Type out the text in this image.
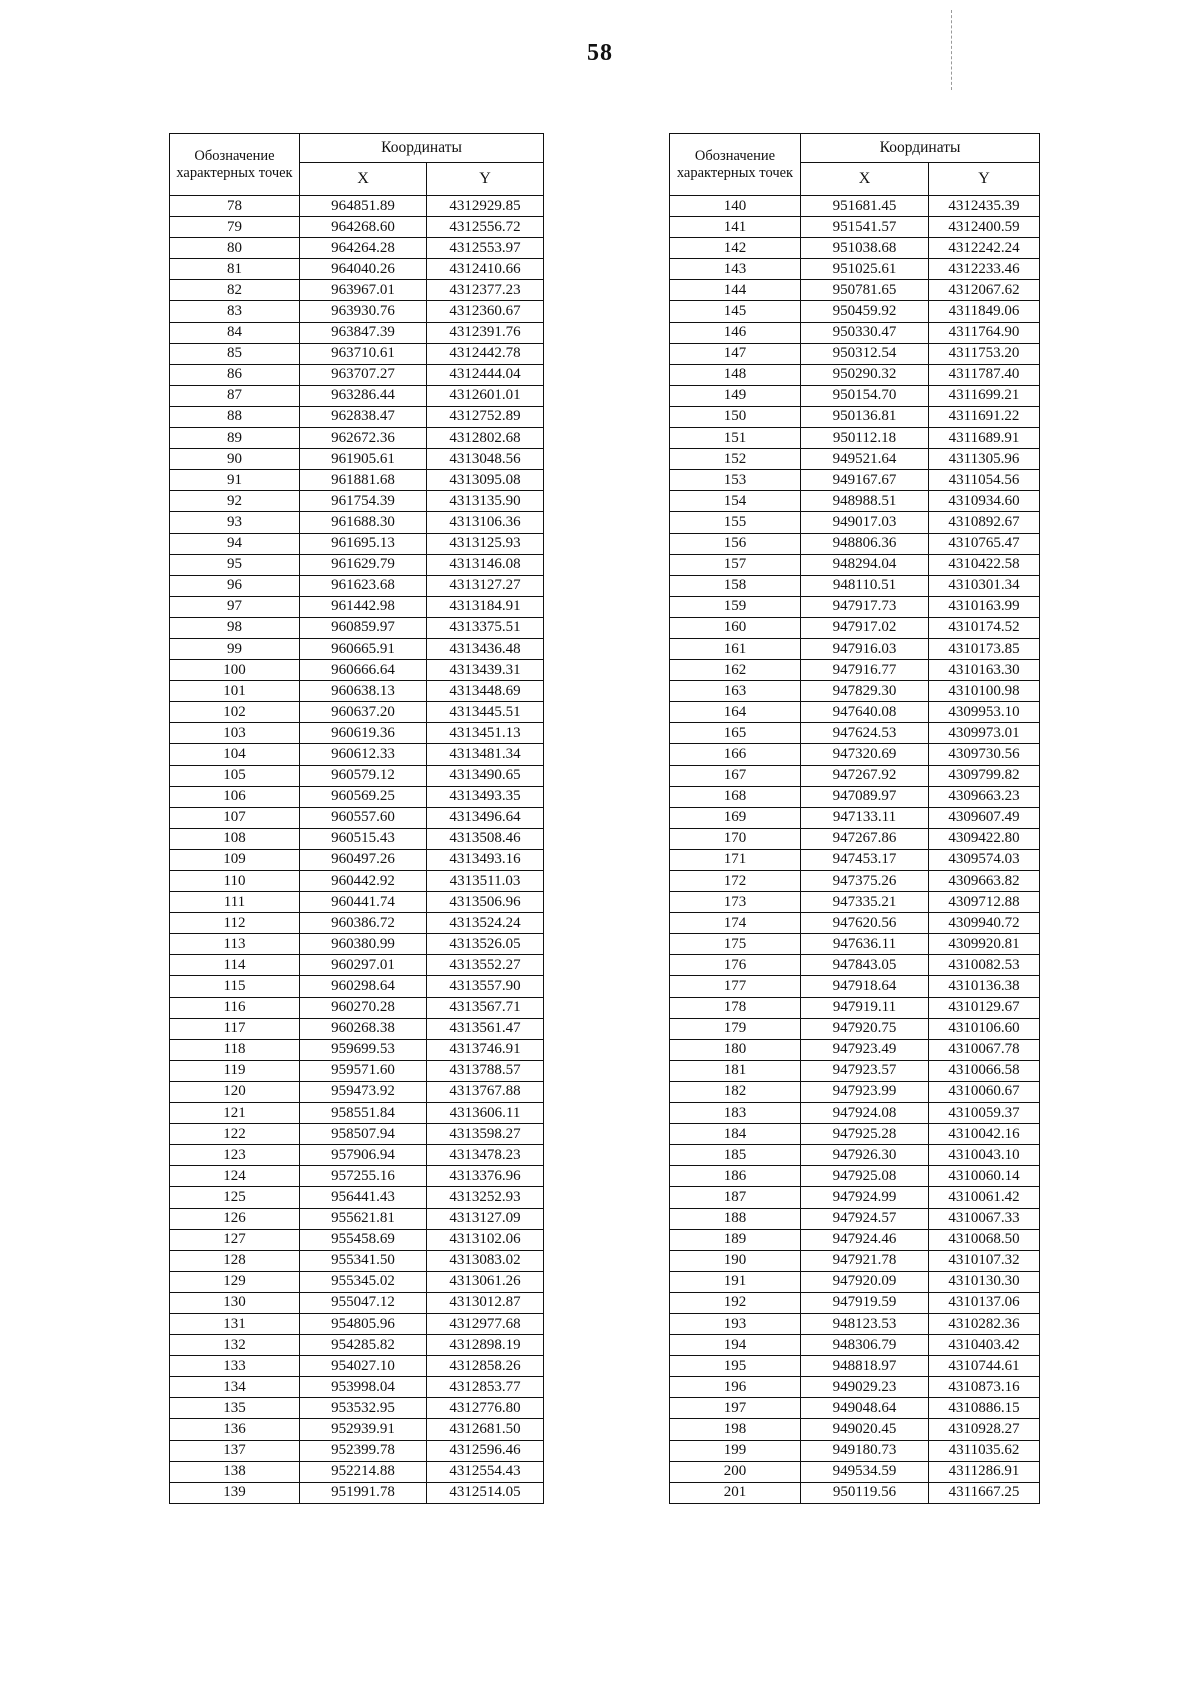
58
Обозначение характерных точек	Координаты	
	X	Y
78	964851.89	4312929.85
79	964268.60	4312556.72
80	964264.28	4312553.97
81	964040.26	4312410.66
82	963967.01	4312377.23
83	963930.76	4312360.67
84	963847.39	4312391.76
85	963710.61	4312442.78
86	963707.27	4312444.04
87	963286.44	4312601.01
88	962838.47	4312752.89
89	962672.36	4312802.68
90	961905.61	4313048.56
91	961881.68	4313095.08
92	961754.39	4313135.90
93	961688.30	4313106.36
94	961695.13	4313125.93
95	961629.79	4313146.08
96	961623.68	4313127.27
97	961442.98	4313184.91
98	960859.97	4313375.51
99	960665.91	4313436.48
100	960666.64	4313439.31
101	960638.13	4313448.69
102	960637.20	4313445.51
103	960619.36	4313451.13
104	960612.33	4313481.34
105	960579.12	4313490.65
106	960569.25	4313493.35
107	960557.60	4313496.64
108	960515.43	4313508.46
109	960497.26	4313493.16
110	960442.92	4313511.03
111	960441.74	4313506.96
112	960386.72	4313524.24
113	960380.99	4313526.05
114	960297.01	4313552.27
115	960298.64	4313557.90
116	960270.28	4313567.71
117	960268.38	4313561.47
118	959699.53	4313746.91
119	959571.60	4313788.57
120	959473.92	4313767.88
121	958551.84	4313606.11
122	958507.94	4313598.27
123	957906.94	4313478.23
124	957255.16	4313376.96
125	956441.43	4313252.93
126	955621.81	4313127.09
127	955458.69	4313102.06
128	955341.50	4313083.02
129	955345.02	4313061.26
130	955047.12	4313012.87
131	954805.96	4312977.68
132	954285.82	4312898.19
133	954027.10	4312858.26
134	953998.04	4312853.77
135	953532.95	4312776.80
136	952939.91	4312681.50
137	952399.78	4312596.46
138	952214.88	4312554.43
139	951991.78	4312514.05
Обозначение характерных точек	Координаты	
	X	Y
140	951681.45	4312435.39
141	951541.57	4312400.59
142	951038.68	4312242.24
143	951025.61	4312233.46
144	950781.65	4312067.62
145	950459.92	4311849.06
146	950330.47	4311764.90
147	950312.54	4311753.20
148	950290.32	4311787.40
149	950154.70	4311699.21
150	950136.81	4311691.22
151	950112.18	4311689.91
152	949521.64	4311305.96
153	949167.67	4311054.56
154	948988.51	4310934.60
155	949017.03	4310892.67
156	948806.36	4310765.47
157	948294.04	4310422.58
158	948110.51	4310301.34
159	947917.73	4310163.99
160	947917.02	4310174.52
161	947916.03	4310173.85
162	947916.77	4310163.30
163	947829.30	4310100.98
164	947640.08	4309953.10
165	947624.53	4309973.01
166	947320.69	4309730.56
167	947267.92	4309799.82
168	947089.97	4309663.23
169	947133.11	4309607.49
170	947267.86	4309422.80
171	947453.17	4309574.03
172	947375.26	4309663.82
173	947335.21	4309712.88
174	947620.56	4309940.72
175	947636.11	4309920.81
176	947843.05	4310082.53
177	947918.64	4310136.38
178	947919.11	4310129.67
179	947920.75	4310106.60
180	947923.49	4310067.78
181	947923.57	4310066.58
182	947923.99	4310060.67
183	947924.08	4310059.37
184	947925.28	4310042.16
185	947926.30	4310043.10
186	947925.08	4310060.14
187	947924.99	4310061.42
188	947924.57	4310067.33
189	947924.46	4310068.50
190	947921.78	4310107.32
191	947920.09	4310130.30
192	947919.59	4310137.06
193	948123.53	4310282.36
194	948306.79	4310403.42
195	948818.97	4310744.61
196	949029.23	4310873.16
197	949048.64	4310886.15
198	949020.45	4310928.27
199	949180.73	4311035.62
200	949534.59	4311286.91
201	950119.56	4311667.25
